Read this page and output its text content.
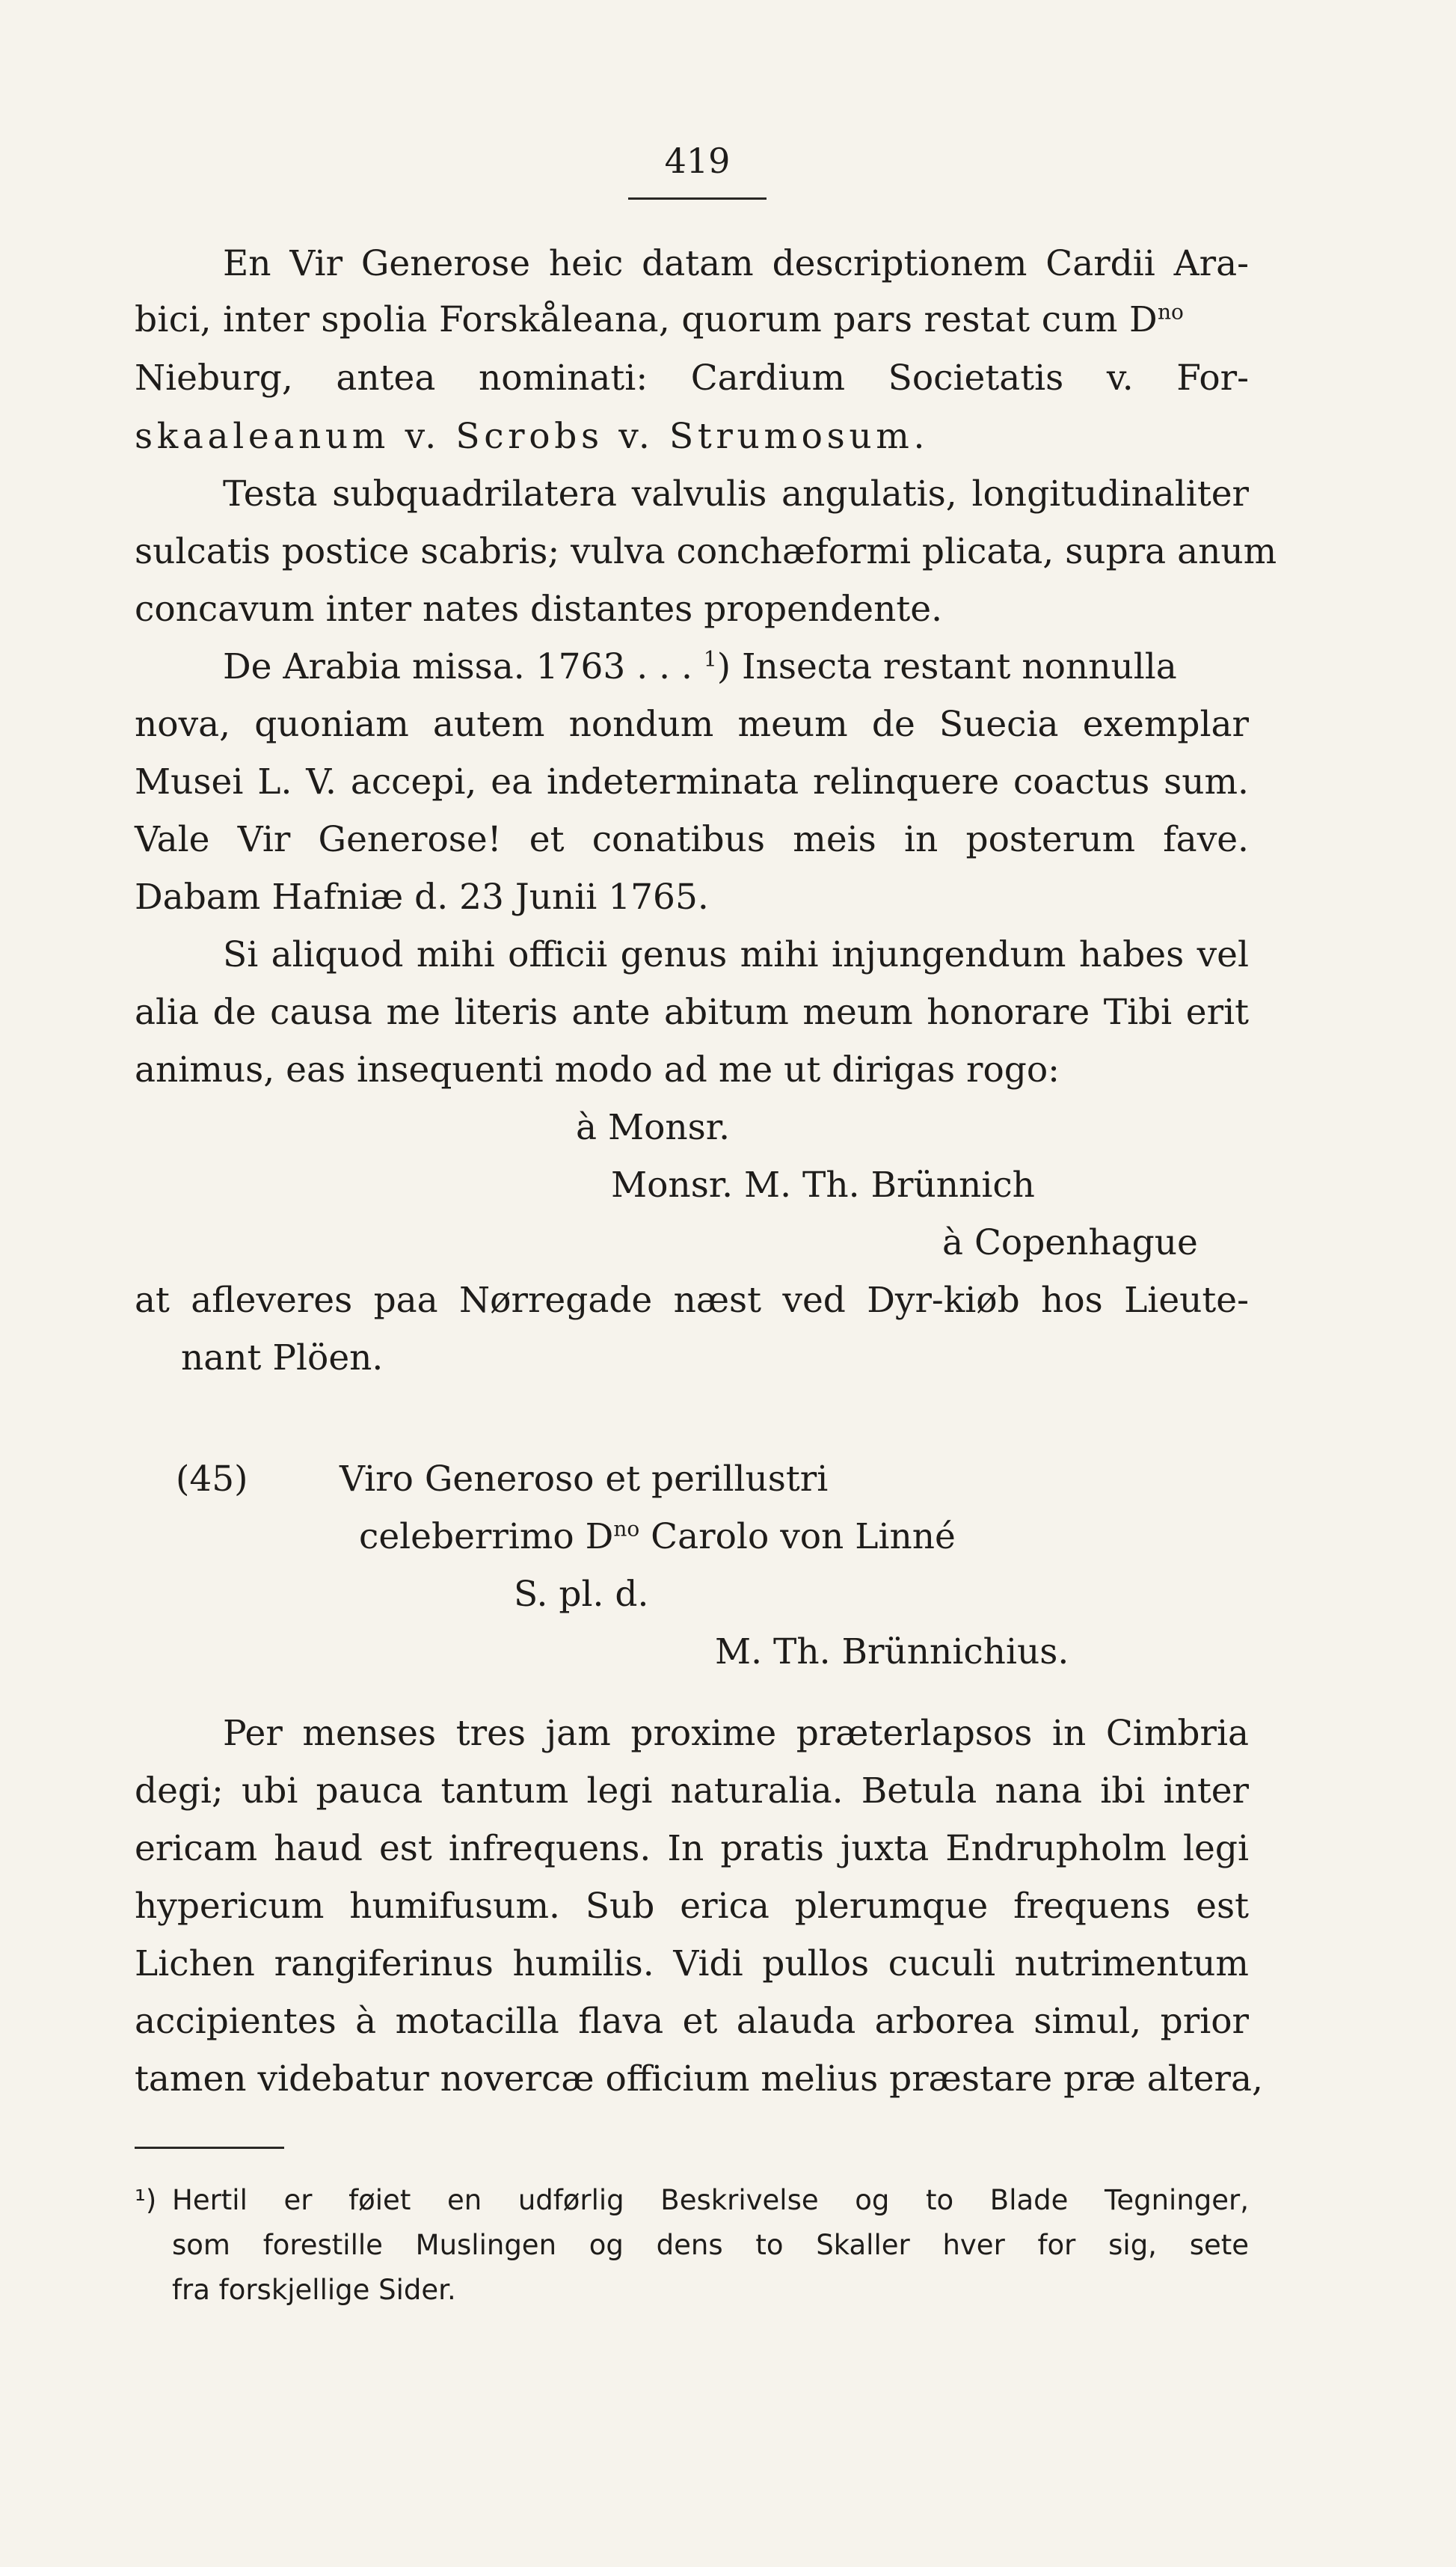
419
En Vir Generose heic datam descriptionem Cardii Ara-
bici, inter spolia Forskåleana, quorum pars restat cum $D^{no}$
Nieburg, antea nominati: Cardium Societatis v. For-
skaaleanum v. Scrobs v. Strumosum.
Testa subquadrilatera valvulis angulatis, longitudinaliter
sulcatis postice scabris; vulva conchæformi plicata, supra anum
concavum inter nates distantes propendente.
De Arabia missa. 1763 . . . $^1$) Insecta restant nonnulla
nova, quoniam autem nondum meum de Suecia exemplar
Musei L. V. accepi, ea indeterminata relinquere coactus sum.
Vale Vir Generose! et conatibus meis in posterum fave.
Dabam Hafniæ d. 23 Junii 1765.
Si aliquod mihi officii genus mihi injungendum habes vel
alia de causa me literis ante abitum meum honorare Tibi erit
animus, eas insequenti modo ad me ut dirigas rogo:
à Monsr.
Monsr. M. Th. Brünnich
à Copenhague
at afleveres paa Nørregade næst ved Dyr-kiøb hos Lieute-
nant Plöen.
(45)	Viro Generoso et perillustri
celeberrimo $D^{no}$ Carolo von Linné
S. pl. d.
M. Th. Brünnichius.
Per menses tres jam proxime præterlapsos in Cimbria
degi; ubi pauca tantum legi naturalia. Betula nana ibi inter
ericam haud est infrequens. In pratis juxta Endrupholm legi
hypericum humifusum. Sub erica plerumque frequens est
Lichen rangiferinus humilis. Vidi pullos cuculi nutrimentum
accipientes à motacilla flava et alauda arborea simul, prior
tamen videbatur novercæ officium melius præstare præ altera,
¹) Hertil er føiet en udførlig Beskrivelse og to Blade Tegninger,
som forestille Muslingen og dens to Skaller hver for sig, sete
fra forskjellige Sider.
